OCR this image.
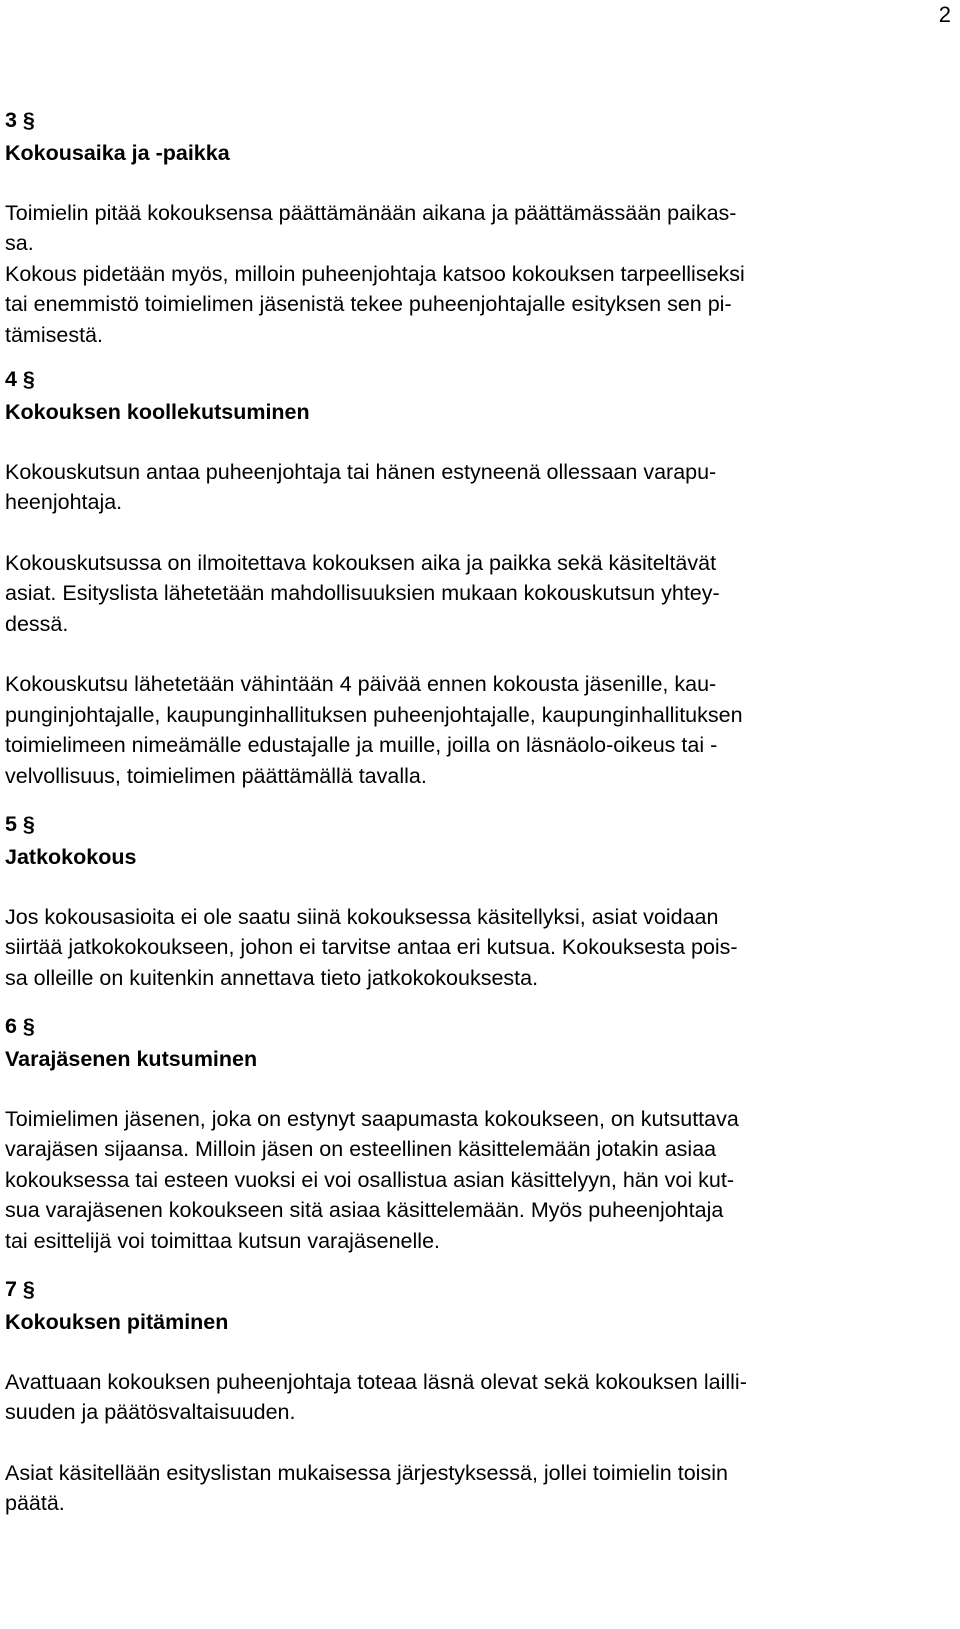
2
3 §
Kokousaika ja -paikka

Toimielin pitää kokouksensa päättämänään aikana ja päättämässään paikas-
sa.
Kokous pidetään myös, milloin puheenjohtaja katsoo kokouksen tarpeelliseksi
tai enemmistö toimielimen jäsenistä tekee puheenjohtajalle esityksen sen pi-
tämisestä.

4 §
Kokouksen koollekutsuminen

Kokouskutsun antaa puheenjohtaja tai hänen estyneenä ollessaan varapu-
heenjohtaja.

Kokouskutsussa on ilmoitettava kokouksen aika ja paikka sekä käsiteltävät
asiat. Esityslista lähetetään mahdollisuuksien mukaan kokouskutsun yhtey-
dessä.

Kokouskutsu lähetetään vähintään 4 päivää ennen kokousta jäsenille, kau-
punginjohtajalle, kaupunginhallituksen puheenjohtajalle, kaupunginhallituksen
toimielimeen nimeämälle edustajalle ja muille, joilla on läsnäolo-oikeus tai -
velvollisuus, toimielimen päättämällä tavalla.

5 §
Jatkokokous

Jos kokousasioita ei ole saatu siinä kokouksessa käsitellyksi, asiat voidaan
siirtää jatkokokoukseen, johon ei tarvitse antaa eri kutsua. Kokouksesta pois-
sa olleille on kuitenkin annettava tieto jatkokokouksesta.

6 §
Varajäsenen kutsuminen

Toimielimen jäsenen, joka on estynyt saapumasta kokoukseen, on kutsuttava
varajäsen sijaansa. Milloin jäsen on esteellinen käsittelemään jotakin asiaa
kokouksessa tai esteen vuoksi ei voi osallistua asian käsittelyyn, hän voi kut-
sua varajäsenen kokoukseen sitä asiaa käsittelemään. Myös puheenjohtaja
tai esittelijä voi toimittaa kutsun varajäsenelle.

7 §
Kokouksen pitäminen

Avattuaan kokouksen puheenjohtaja toteaa läsnä olevat sekä kokouksen lailli-
suuden ja päätösvaltaisuuden.

Asiat käsitellään esityslistan mukaisessa järjestyksessä, jollei toimielin toisin
päätä.
